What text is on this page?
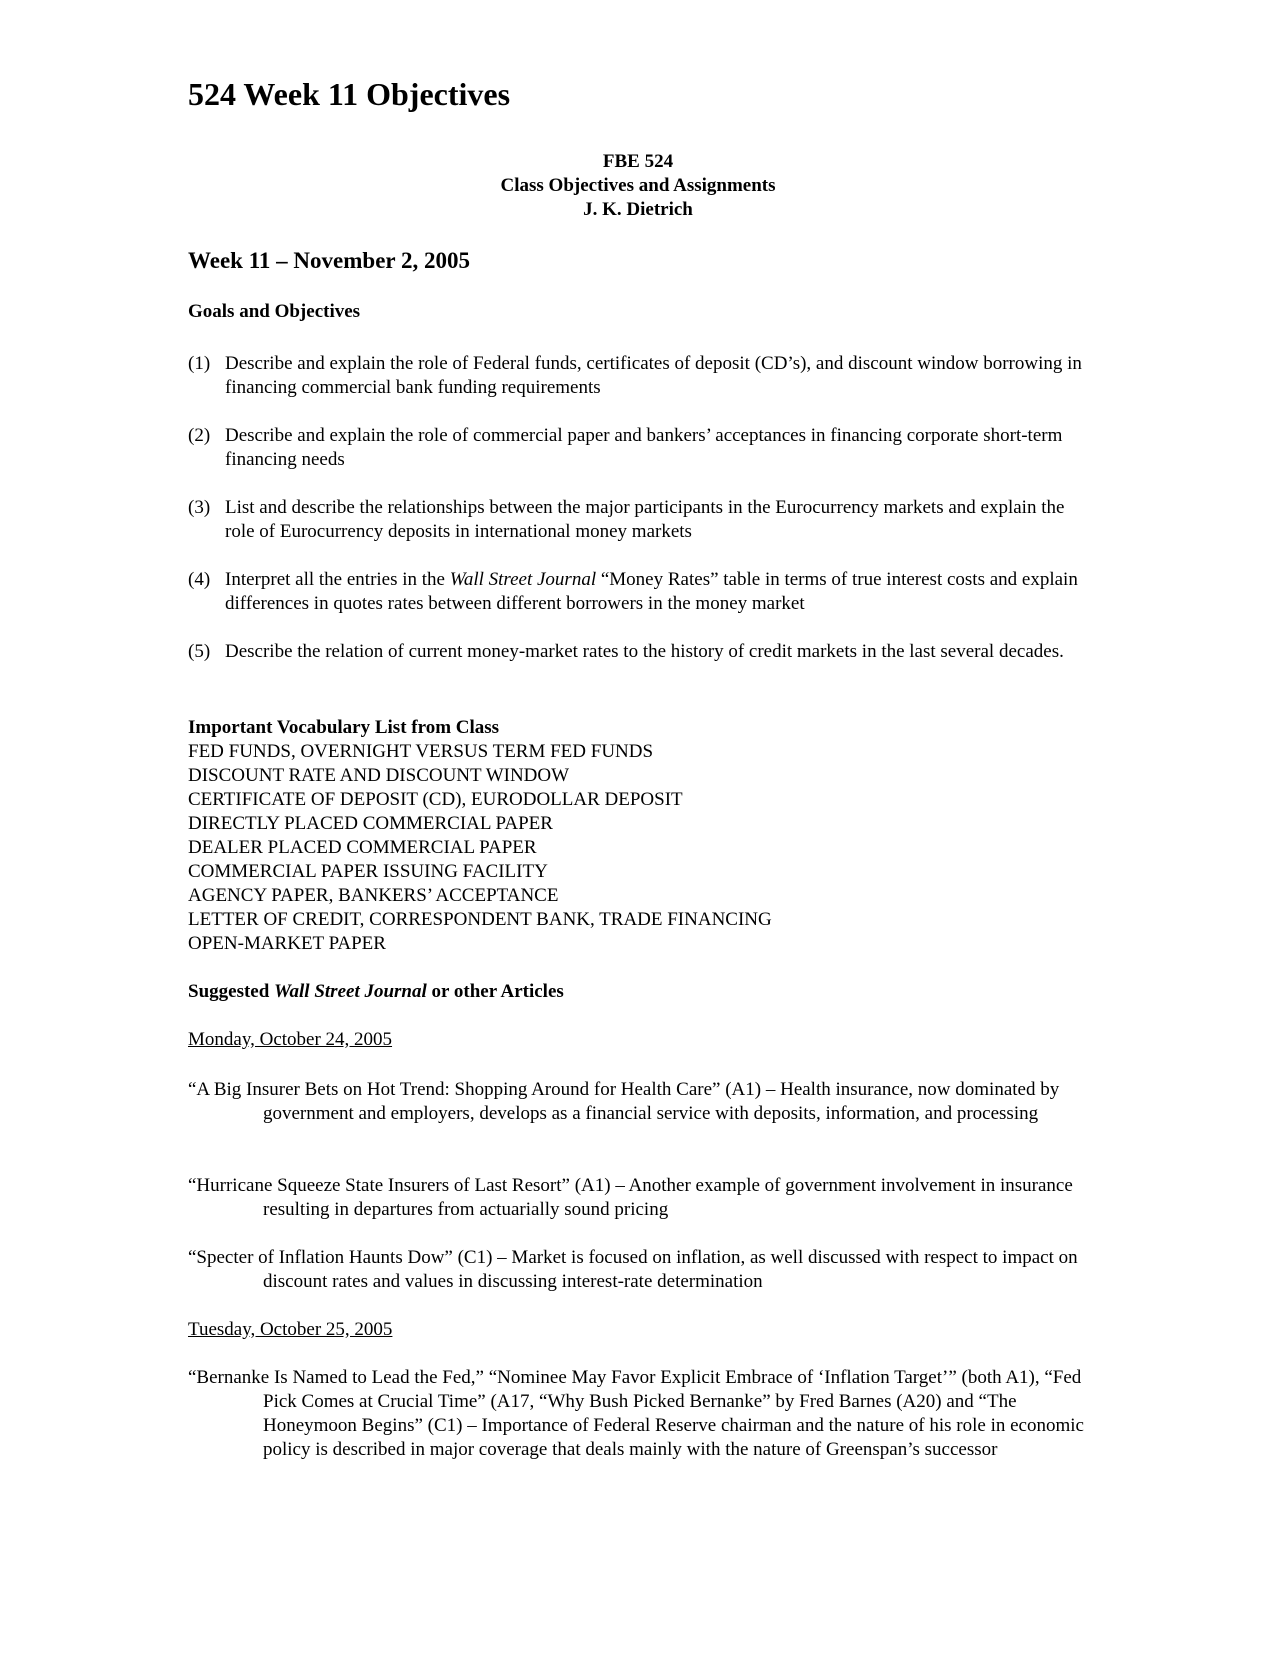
524 Week 11 Objectives
FBE 524
Class Objectives and Assignments
J. K. Dietrich
Week 11 – November 2, 2005
Goals and Objectives
(1) Describe and explain the role of Federal funds, certificates of deposit (CD’s), and discount window borrowing in financing commercial bank funding requirements
(2) Describe and explain the role of commercial paper and bankers’ acceptances in financing corporate short-term financing needs
(3) List and describe the relationships between the major participants in the Eurocurrency markets and explain the role of Eurocurrency deposits in international money markets
(4) Interpret all the entries in the Wall Street Journal “Money Rates” table in terms of true interest costs and explain differences in quotes rates between different borrowers in the money market
(5) Describe the relation of current money-market rates to the history of credit markets in the last several decades.
Important Vocabulary List from Class
FED FUNDS, OVERNIGHT VERSUS TERM FED FUNDS
DISCOUNT RATE AND DISCOUNT WINDOW
CERTIFICATE OF DEPOSIT (CD), EURODOLLAR DEPOSIT
DIRECTLY PLACED COMMERCIAL PAPER
DEALER PLACED COMMERCIAL PAPER
COMMERCIAL PAPER ISSUING FACILITY
AGENCY PAPER, BANKERS’ ACCEPTANCE
LETTER OF CREDIT, CORRESPONDENT BANK, TRADE FINANCING
OPEN-MARKET PAPER
Suggested Wall Street Journal or other Articles
Monday, October 24, 2005

“A Big Insurer Bets on Hot Trend: Shopping Around for Health Care” (A1) – Health insurance, now dominated by government and employers, develops as a financial service with deposits, information, and processing

“Hurricane Squeeze State Insurers of Last Resort” (A1) – Another example of government involvement in insurance resulting in departures from actuarially sound pricing

“Specter of Inflation Haunts Dow” (C1) – Market is focused on inflation, as well discussed with respect to impact on discount rates and values in discussing interest-rate determination

Tuesday, October 25, 2005

“Bernanke Is Named to Lead the Fed,” “Nominee May Favor Explicit Embrace of ‘Inflation Target’” (both A1), “Fed Pick Comes at Crucial Time” (A17, “Why Bush Picked Bernanke” by Fred Barnes (A20) and “The Honeymoon Begins” (C1) – Importance of Federal Reserve chairman and the nature of his role in economic policy is described in major coverage that deals mainly with the nature of Greenspan’s successor
